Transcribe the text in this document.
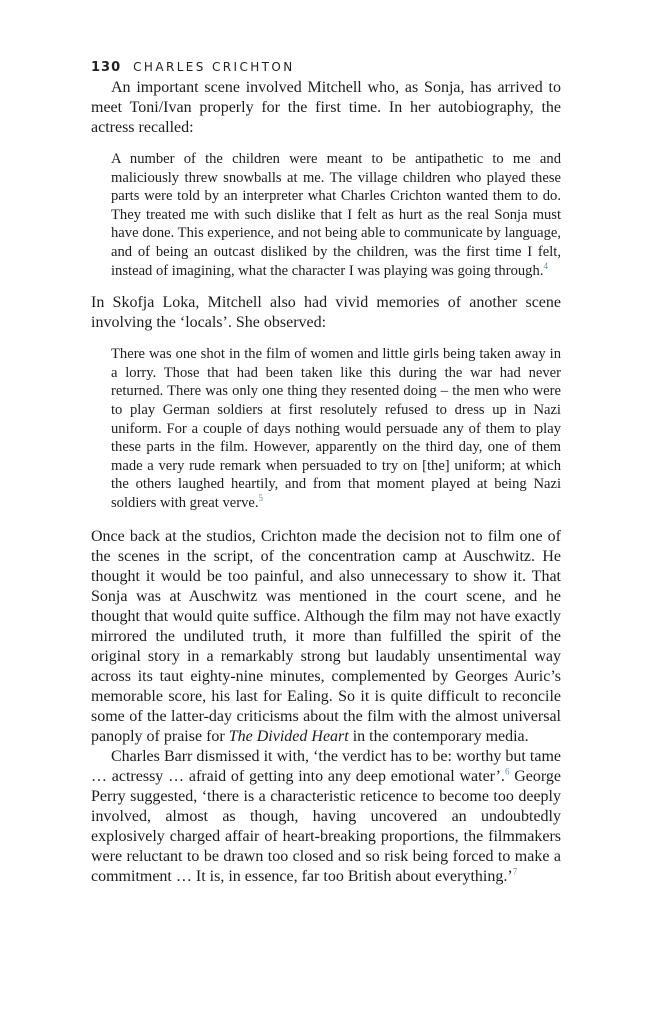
130 CHARLES CRICHTON

An important scene involved Mitchell who, as Sonja, has arrived to meet Toni/Ivan properly for the first time. In her autobiography, the actress recalled:

A number of the children were meant to be antipathetic to me and maliciously threw snowballs at me. The village children who played these parts were told by an interpreter what Charles Crichton wanted them to do. They treated me with such dislike that I felt as hurt as the real Sonja must have done. This experience, and not being able to communicate by language, and of being an outcast disliked by the children, was the first time I felt, instead of imagining, what the character I was playing was going through.$^4$

In Skofja Loka, Mitchell also had vivid memories of another scene involving the ‘locals’. She observed:

There was one shot in the film of women and little girls being taken away in a lorry. Those that had been taken like this during the war had never returned. There was only one thing they resented doing – the men who were to play German soldiers at first resolutely refused to dress up in Nazi uniform. For a couple of days nothing would persuade any of them to play these parts in the film. However, apparently on the third day, one of them made a very rude remark when persuaded to try on [the] uniform; at which the others laughed heartily, and from that moment played at being Nazi soldiers with great verve.$^5$

Once back at the studios, Crichton made the decision not to film one of the scenes in the script, of the concentration camp at Auschwitz. He thought it would be too painful, and also unnecessary to show it. That Sonja was at Auschwitz was mentioned in the court scene, and he thought that would quite suffice. Although the film may not have exactly mirrored the undiluted truth, it more than fulfilled the spirit of the original story in a remarkably strong but laudably unsentimental way across its taut eighty-nine minutes, complemented by Georges Auric’s memorable score, his last for Ealing. So it is quite difficult to reconcile some of the latter-day criticisms about the film with the almost universal panoply of praise for The Divided Heart in the contemporary media.

Charles Barr dismissed it with, ‘the verdict has to be: worthy but tame … actressy … afraid of getting into any deep emotional water’.$^6$ George Perry suggested, ‘there is a characteristic reticence to become too deeply involved, almost as though, having uncovered an undoubtedly explosively charged affair of heart-breaking proportions, the filmmakers were reluctant to be drawn too closed and so risk being forced to make a commitment … It is, in essence, far too British about everything.’$^7$
